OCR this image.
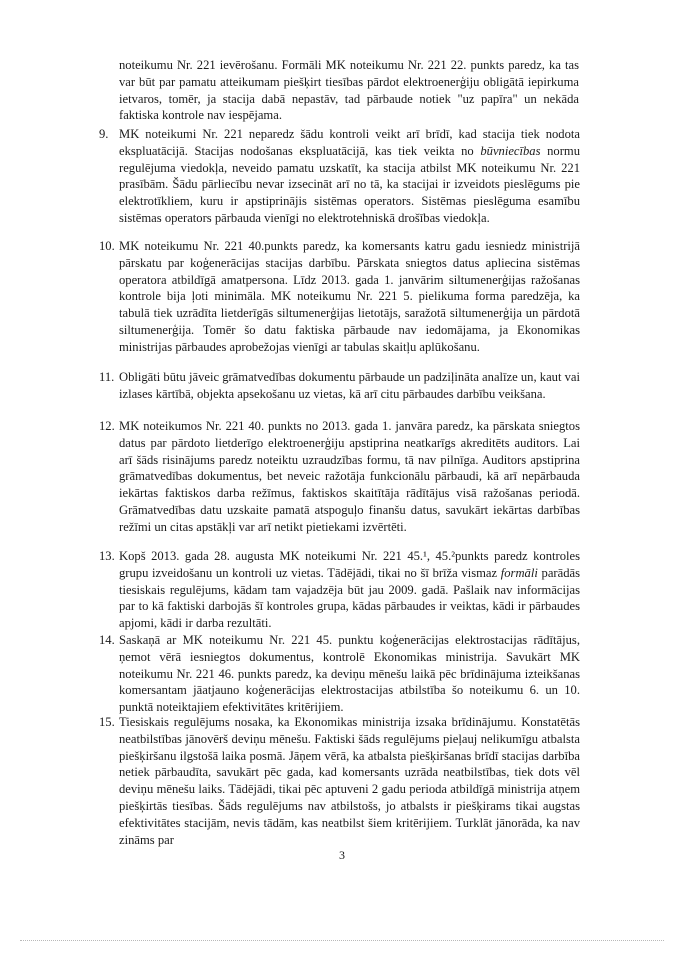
noteikumu Nr. 221 ievērošanu. Formāli MK noteikumu Nr. 221 22. punkts paredz, ka tas var būt par pamatu atteikumam piešķirt tiesības pārdot elektroenerģiju obligātā iepirkuma ietvaros, tomēr, ja stacija dabā nepastāv, tad pārbaude notiek "uz papīra" un nekāda faktiska kontrole nav iespējama.

9. MK noteikumi Nr. 221 neparedz šādu kontroli veikt arī brīdī, kad stacija tiek nodota ekspluatācijā. Stacijas nodošanas ekspluatācijā, kas tiek veikta no būvniecības normu regulējuma viedokļa, neveido pamatu uzskatīt, ka stacija atbilst MK noteikumu Nr. 221 prasībām. Šādu pārliecību nevar izsecināt arī no tā, ka stacijai ir izveidots pieslēgums pie elektrotīkliem, kuru ir apstiprinājis sistēmas operators. Sistēmas pieslēguma esamību sistēmas operators pārbauda vienīgi no elektrotehniskā drošības viedokļa.
10. MK noteikumu Nr. 221 40.punkts paredz, ka komersants katru gadu iesniedz ministrijā pārskatu par koģenerācijas stacijas darbību. Pārskata sniegtos datus apliecina sistēmas operatora atbildīgā amatpersona. Līdz 2013. gada 1. janvārim siltumenerģijas ražošanas kontrole bija ļoti minimāla. MK noteikumu Nr. 221 5. pielikuma forma paredzēja, ka tabulā tiek uzrādīta lietderīgās siltumenerģijas lietotājs, saražotā siltumenerģija un pārdotā siltumenerģija. Tomēr šo datu faktiska pārbaude nav iedomājama, ja Ekonomikas ministrijas pārbaudes aprobežojas vienīgi ar tabulas skaitļu aplūkošanu.
11. Obligāti būtu jāveic grāmatvedības dokumentu pārbaude un padziļināta analīze un, kaut vai izlases kārtībā, objekta apsekošanu uz vietas, kā arī citu pārbaudes darbību veikšana.
12. MK noteikumos Nr. 221 40. punkts no 2013. gada 1. janvāra paredz, ka pārskata sniegtos datus par pārdoto lietderīgo elektroenerģiju apstiprina neatkarīgs akreditēts auditors. Lai arī šāds risinājums paredz noteiktu uzraudzības formu, tā nav pilnīga. Auditors apstiprina grāmatvedības dokumentus, bet neveic ražotāja funkcionālu pārbaudi, kā arī nepārbauda iekārtas faktiskos darba režīmus, faktiskos skaitītāja rādītājus visā ražošanas periodā. Grāmatvedības datu uzskaite pamatā atspoguļo finanšu datus, savukārt iekārtas darbības režīmi un citas apstākļi var arī netikt pietiekami izvērtēti.
13. Kopš 2013. gada 28. augusta MK noteikumi Nr. 221 45.¹, 45.²punkts paredz kontroles grupu izveidošanu un kontroli uz vietas. Tādējādi, tikai no šī brīža vismaz formāli parādās tiesiskais regulējums, kādam tam vajadzēja būt jau 2009. gadā. Pašlaik nav informācijas par to kā faktiski darbojās šī kontroles grupa, kādas pārbaudes ir veiktas, kādi ir pārbaudes apjomi, kādi ir darba rezultāti.
14. Saskaņā ar MK noteikumu Nr. 221 45. punktu koģenerācijas elektrostacijas rādītājus, ņemot vērā iesniegtos dokumentus, kontrolē Ekonomikas ministrija. Savukārt MK noteikumu Nr. 221 46. punkts paredz, ka deviņu mēnešu laikā pēc brīdinājuma izteikšanas komersantam jāatjauno koģenerācijas elektrostacijas atbilstība šo noteikumu 6. un 10. punktā noteiktajiem efektivitātes kritērijiem.
15. Tiesiskais regulējums nosaka, ka Ekonomikas ministrija izsaka brīdinājumu. Konstatētās neatbilstības jānovērš deviņu mēnešu. Faktiski šāds regulējums pieļauj nelikumīgu atbalsta piešķiršanu ilgstošā laika posmā. Jāņem vērā, ka atbalsta piešķiršanas brīdī stacijas darbība netiek pārbaudīta, savukārt pēc gada, kad komersants uzrāda neatbilstības, tiek dots vēl deviņu mēnešu laiks. Tādējādi, tikai pēc aptuveni 2 gadu perioda atbildīgā ministrija atņem piešķirtās tiesības. Šāds regulējums nav atbilstošs, jo atbalsts ir piešķirams tikai augstas efektivitātes stacijām, nevis tādām, kas neatbilst šiem kritērijiem. Turklāt jānorāda, ka nav zināms par
3
